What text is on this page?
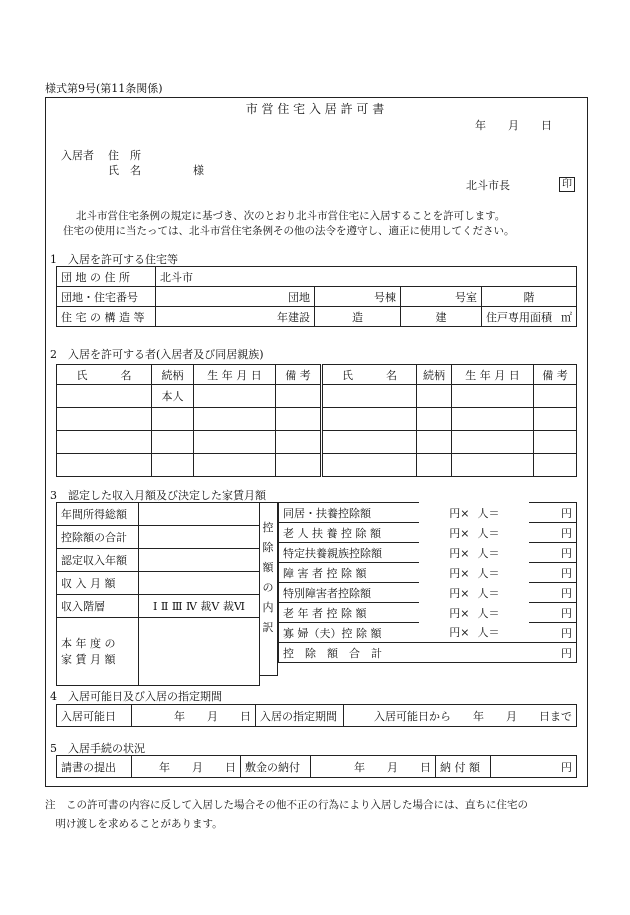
様式第9号(第11条関係)
市 営 住 宅 入 居 許 可 書
年　　月　　日
入居者 住　所
氏　名	様
北斗市長	印
北斗市営住宅条例の規定に基づき、次のとおり北斗市営住宅に入居することを許可します。
住宅の使用に当たっては、北斗市営住宅条例その他の法令を遵守し、適正に使用してください。
1　入居を許可する住宅等
団 地 の 住 所	北斗市			
団地・住宅番号	団地	号棟	号室	階
住 宅 の 構 造 等	年建設	造	建	住戸専用面積 ㎡
2　入居を許可する者(入居者及び同居親族)
氏　　　名	続柄	生 年 月 日	備 考	氏　　　名	続柄	生 年 月 日	備 考
	本人						

3　認定した収入月額及び決定した家賃月額
年間所得総額	
控除額の合計	
認定収入年額	
収 入 月 額	
収入階層	Ⅰ Ⅱ Ⅲ Ⅳ 裁Ⅴ 裁Ⅵ

本 年 度 の
家 賃 月 額	

控除額の内訳
同居・扶養控除額	円×	人＝	円
老 人 扶 養 控 除 額	円×	人＝	円
特定扶養親族控除額	円×	人＝	円
障 害 者 控 除 額	円×	人＝	円
特別障害者控除額	円×	人＝	円
老 年 者 控 除 額	円×	人＝	円
寡 婦（夫）控 除 額	円×	人＝	円
控　除　額　合　計			円
4　入居可能日及び入居の指定期間
入居可能日	年　　月　　日	入居の指定期間	入居可能日から　　年　　月　　日まで
5　入居手続の状況
請書の提出	年　　月　　日	敷金の納付	年　　月　　日	納 付 額	円
注　この許可書の内容に反して入居した場合その他不正の行為により入居した場合には、直ちに住宅の
　明け渡しを求めることがあります。
